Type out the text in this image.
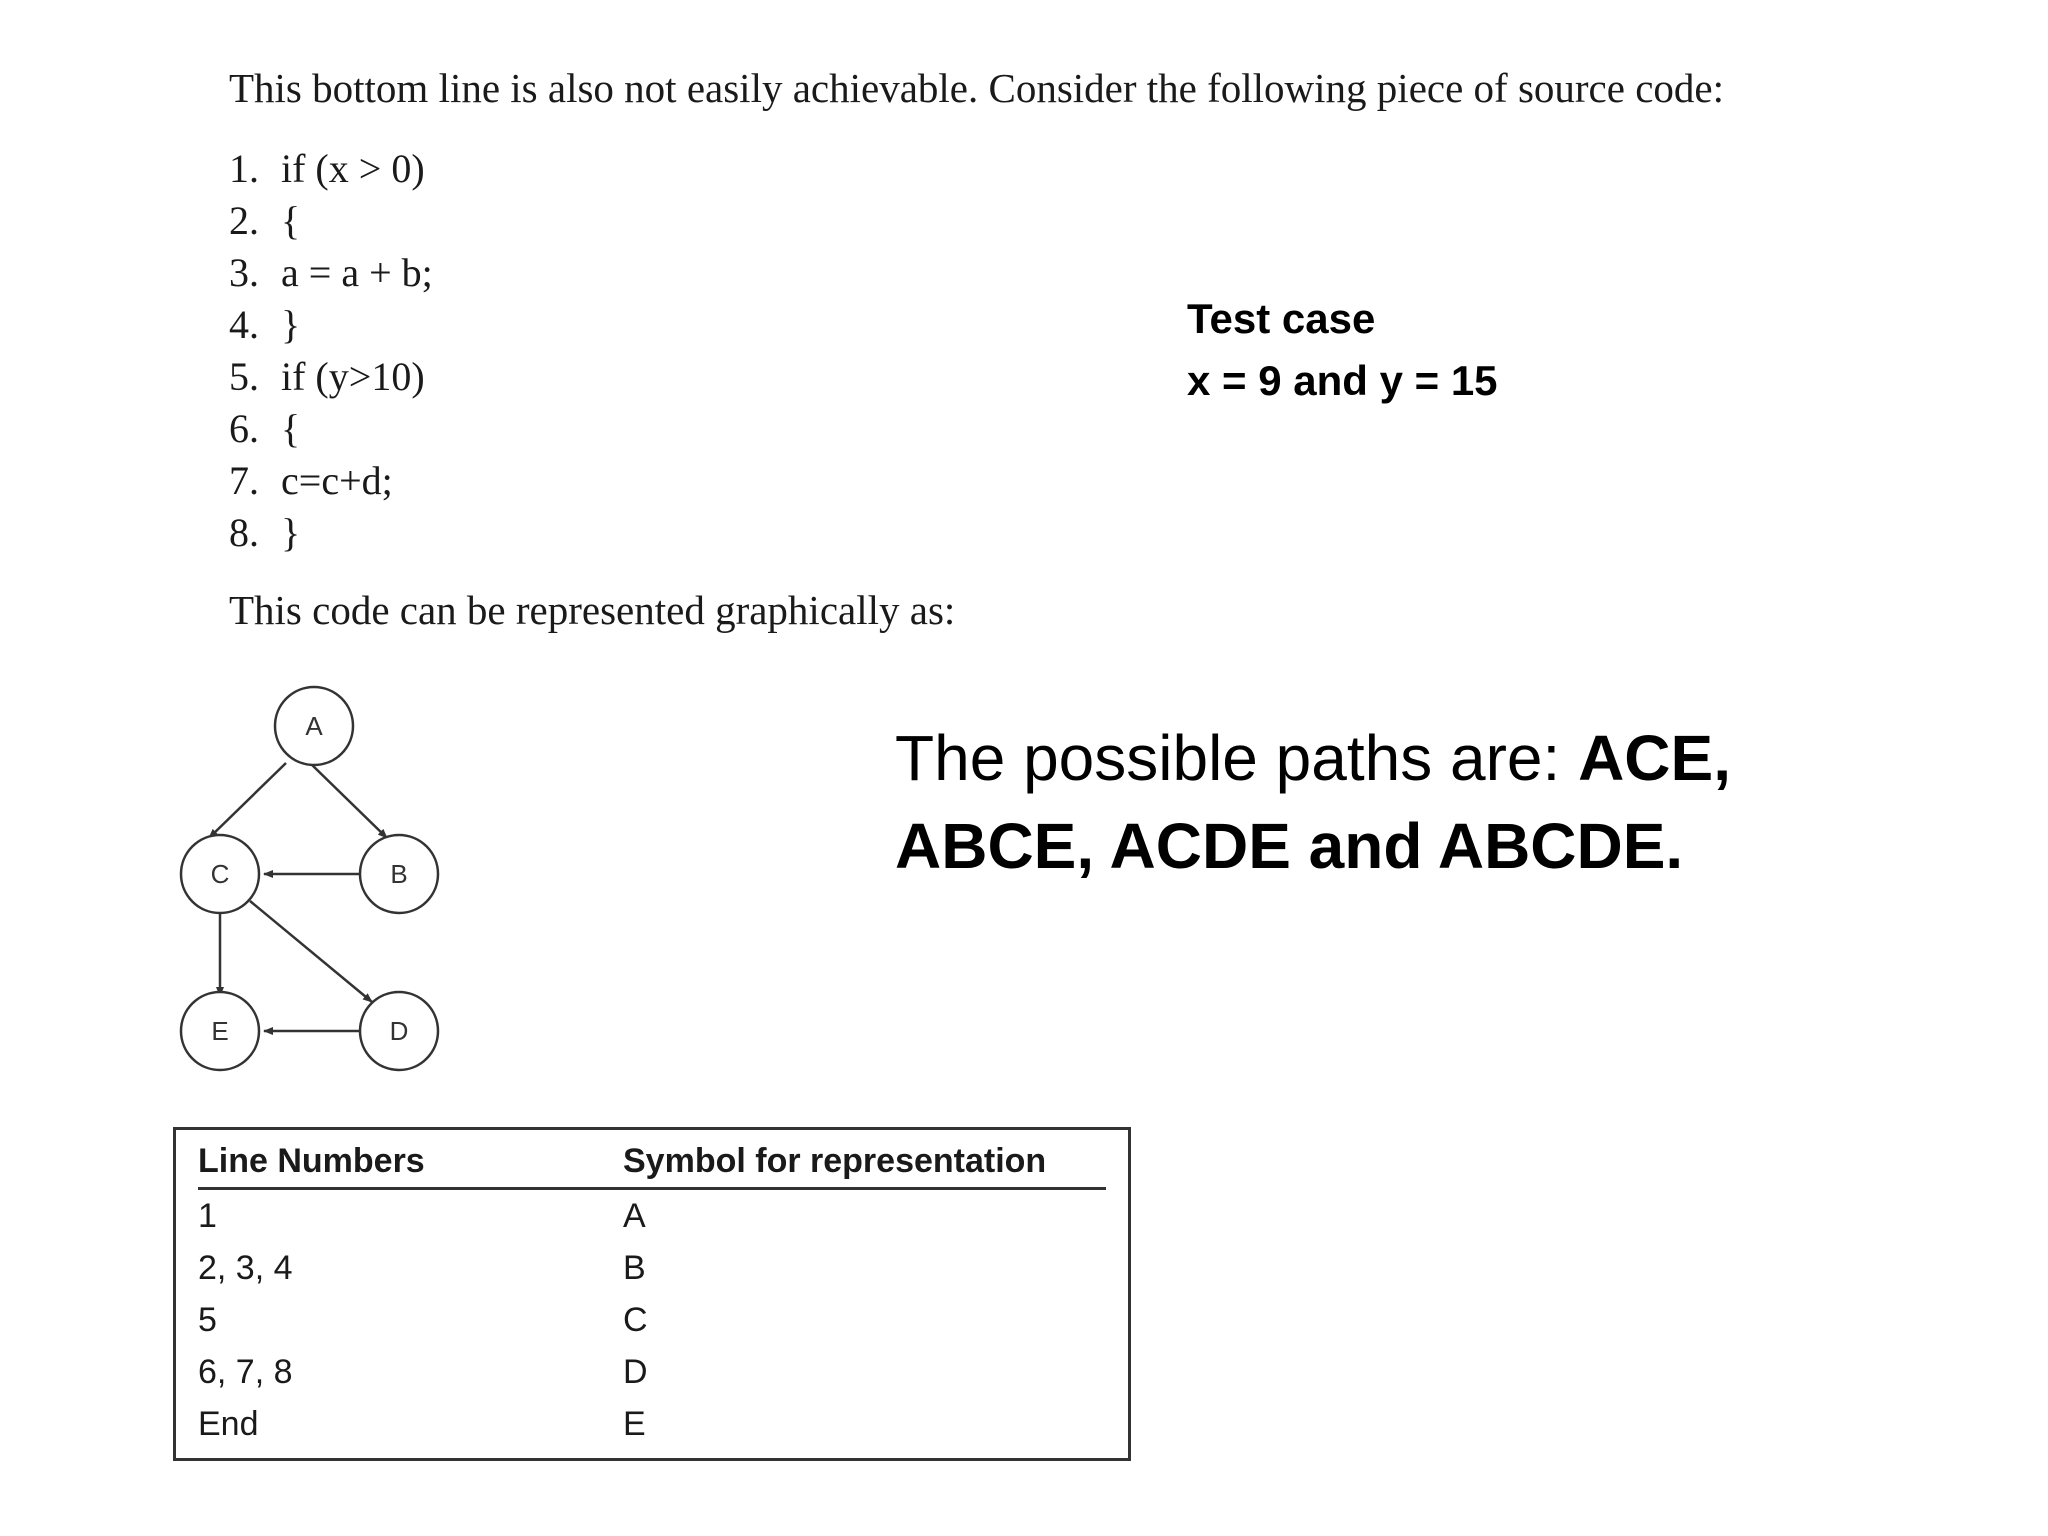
This bottom line is also not easily achievable. Consider the following piece of source code:
1. if (x > 0)
2. {
3. a = a + b;
4. }
5. if (y>10)
6. {
7. c=c+d;
8. }
This code can be represented graphically as:
Test case
x = 9 and y = 15
The possible paths are: ACE, ABCE, ACDE and ABCDE.
A
B
C
D
E
Line Numbers	Symbol for representation
1	A
2, 3, 4	B
5	C
6, 7, 8	D
End	E
